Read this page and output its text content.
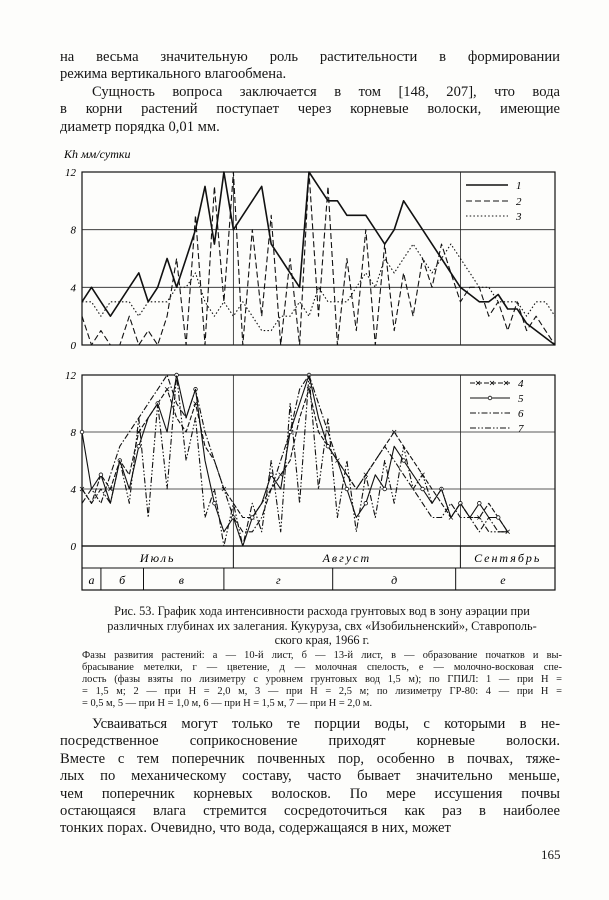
на весьма значительную роль растительности в формировании
режима вертикального влагообмена.

Сущность вопроса заключается в том [148, 207], что вода
в корни растений поступает через корневые волоски, имеющие
диаметр порядка 0,01 мм.

0
4
8
12
Kh мм/сутки
1
2
3
0
4
8
12
4
5
6
7
Июль	Август	Сентябрь
а б	в	г	д	е

Рис. 53. График хода интенсивности расхода грунтовых вод в зону аэрации при
различных глубинах их залегания. Кукуруза, свх «Изобильненский», Ставрополь-
ского края, 1966 г.

Фазы развития растений: а — 10-й лист, б — 13-й лист, в — образование початков и вы-
брасывание метелки, г — цветение, д — молочная спелость, е — молочно-восковая спе-
лость (фазы взяты по лизиметру с уровнем грунтовых вод 1,5 м); по ГПИЛ: 1 — при H =
= 1,5 м; 2 — при H = 2,0 м, 3 — при H = 2,5 м; по лизиметру ГР-80: 4 — при H =
= 0,5 м, 5 — при H = 1,0 м, 6 — при H = 1,5 м, 7 — при H = 2,0 м.

Усваиваться могут только те порции воды, с которыми в не-
посредственное соприкосновение приходят корневые волоски.
Вместе с тем поперечник почвенных пор, особенно в почвах, тяже-
лых по механическому составу, часто бывает значительно меньше,
чем поперечник корневых волосков. По мере иссушения почвы
остающаяся влага стремится сосредоточиться как раз в наиболее
тонких порах. Очевидно, что вода, содержащаяся в них, может

165
